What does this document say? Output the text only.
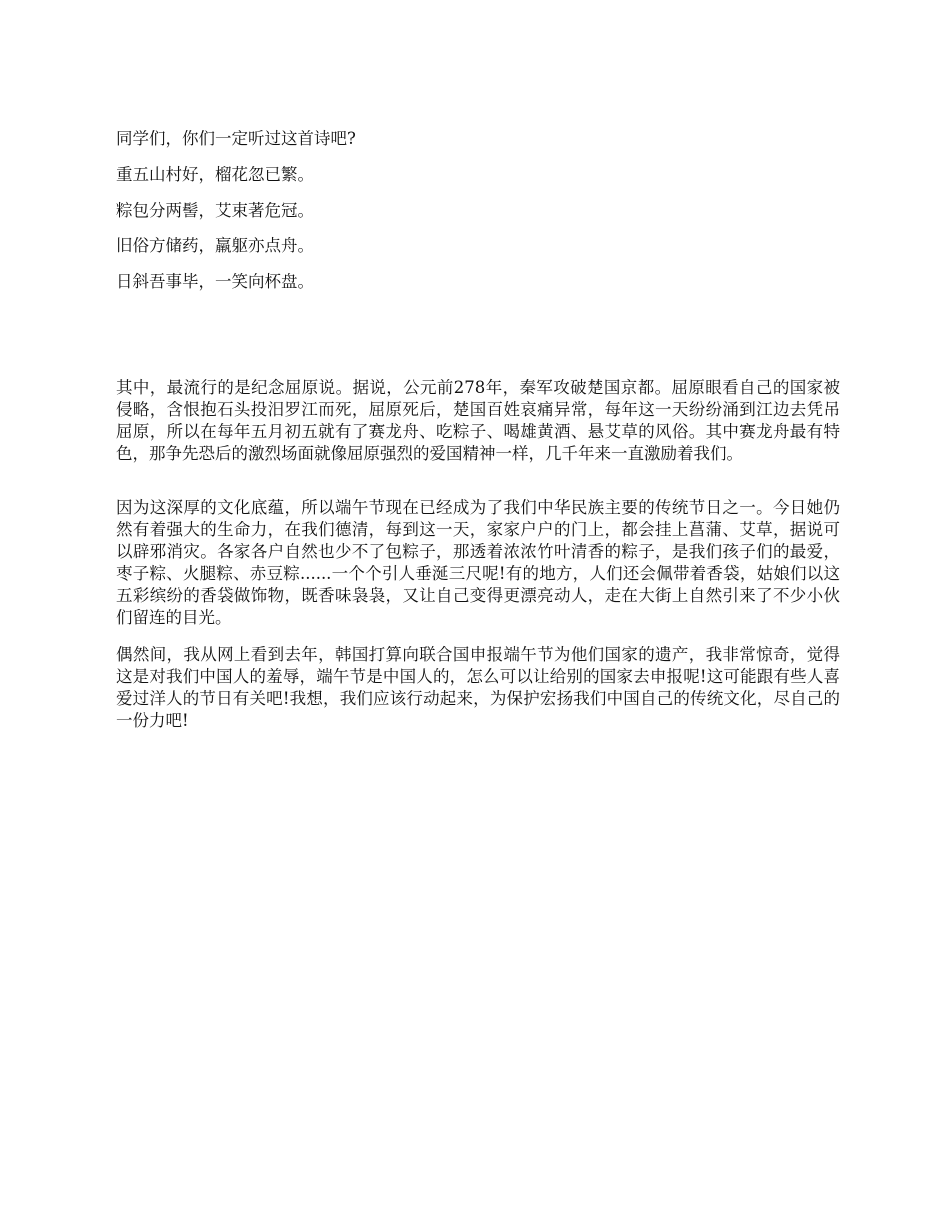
同学们，你们一定听过这首诗吧?
重五山村好，榴花忽已繁。
粽包分两髻，艾束著危冠。
旧俗方储药，羸躯亦点舟。
日斜吾事毕，一笑向杯盘。
其中，最流行的是纪念屈原说。据说，公元前278年，秦军攻破楚国京都。屈原眼看自己的国家被侵略，含恨抱石头投汨罗江而死，屈原死后，楚国百姓哀痛异常，每年这一天纷纷涌到江边去凭吊屈原，所以在每年五月初五就有了赛龙舟、吃粽子、喝雄黄酒、悬艾草的风俗。其中赛龙舟最有特色，那争先恐后的激烈场面就像屈原强烈的爱国精神一样，几千年来一直激励着我们。
因为这深厚的文化底蕴，所以端午节现在已经成为了我们中华民族主要的传统节日之一。今日她仍然有着强大的生命力，在我们德清，每到这一天，家家户户的门上，都会挂上菖蒲、艾草，据说可以辟邪消灾。各家各户自然也少不了包粽子，那透着浓浓竹叶清香的粽子，是我们孩子们的最爱，枣子粽、火腿粽、赤豆粽......一个个引人垂涎三尺呢!有的地方，人们还会佩带着香袋，姑娘们以这五彩缤纷的香袋做饰物，既香味袅袅，又让自己变得更漂亮动人，走在大街上自然引来了不少小伙们留连的目光。
偶然间，我从网上看到去年，韩国打算向联合国申报端午节为他们国家的遗产，我非常惊奇，觉得这是对我们中国人的羞辱，端午节是中国人的，怎么可以让给别的国家去申报呢!这可能跟有些人喜爱过洋人的节日有关吧!我想，我们应该行动起来，为保护宏扬我们中国自己的传统文化，尽自己的一份力吧!
